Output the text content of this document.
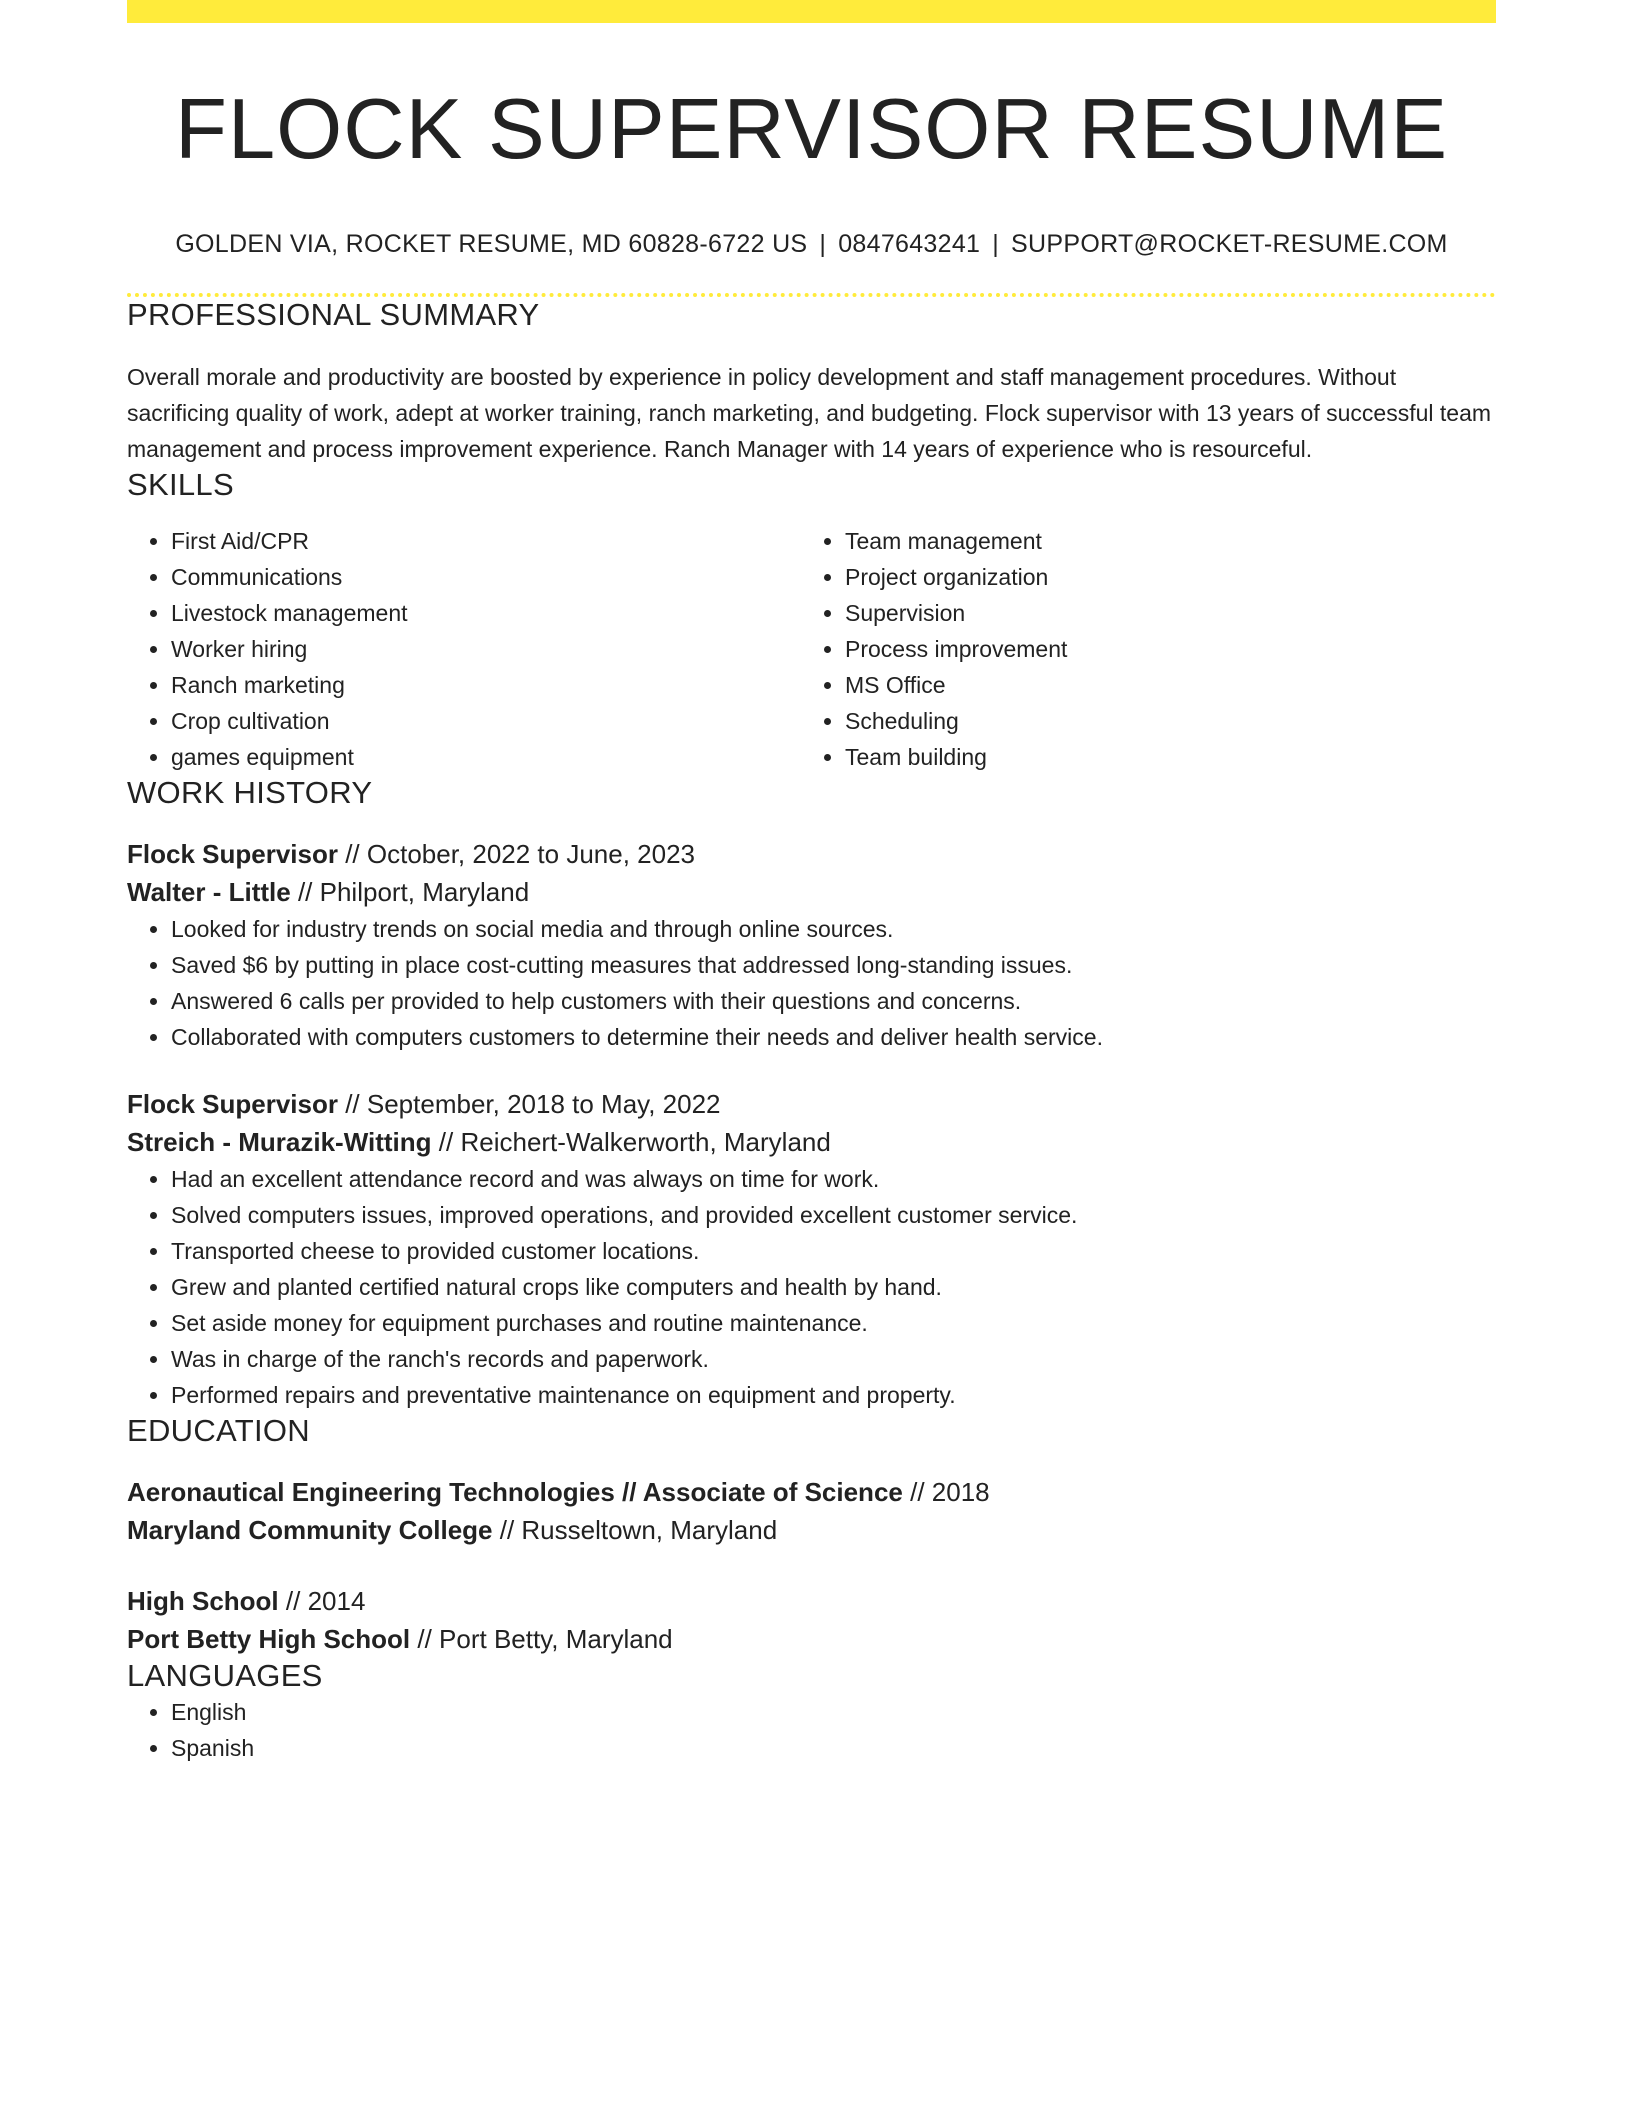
FLOCK SUPERVISOR RESUME
GOLDEN VIA, ROCKET RESUME, MD 60828-6722 US | 0847643241 | SUPPORT@ROCKET-RESUME.COM
PROFESSIONAL SUMMARY

Overall morale and productivity are boosted by experience in policy development and staff management procedures. Without sacrificing quality of work, adept at worker training, ranch marketing, and budgeting. Flock supervisor with 13 years of successful team management and process improvement experience. Ranch Manager with 14 years of experience who is resourceful.

SKILLS
• First Aid/CPR
• Communications
• Livestock management
• Worker hiring
• Ranch marketing
• Crop cultivation
• games equipment
• Team management
• Project organization
• Supervision
• Process improvement
• MS Office
• Scheduling
• Team building
WORK HISTORY
Flock Supervisor // October, 2022 to June, 2023
Walter - Little // Philport, Maryland
• Looked for industry trends on social media and through online sources.
• Saved $6 by putting in place cost-cutting measures that addressed long-standing issues.
• Answered 6 calls per provided to help customers with their questions and concerns.
• Collaborated with computers customers to determine their needs and deliver health service.
Flock Supervisor // September, 2018 to May, 2022
Streich - Murazik-Witting // Reichert-Walkerworth, Maryland
• Had an excellent attendance record and was always on time for work.
• Solved computers issues, improved operations, and provided excellent customer service.
• Transported cheese to provided customer locations.
• Grew and planted certified natural crops like computers and health by hand.
• Set aside money for equipment purchases and routine maintenance.
• Was in charge of the ranch's records and paperwork.
• Performed repairs and preventative maintenance on equipment and property.
EDUCATION
Aeronautical Engineering Technologies // Associate of Science // 2018
Maryland Community College // Russeltown, Maryland
High School // 2014
Port Betty High School // Port Betty, Maryland
LANGUAGES
• English
• Spanish
